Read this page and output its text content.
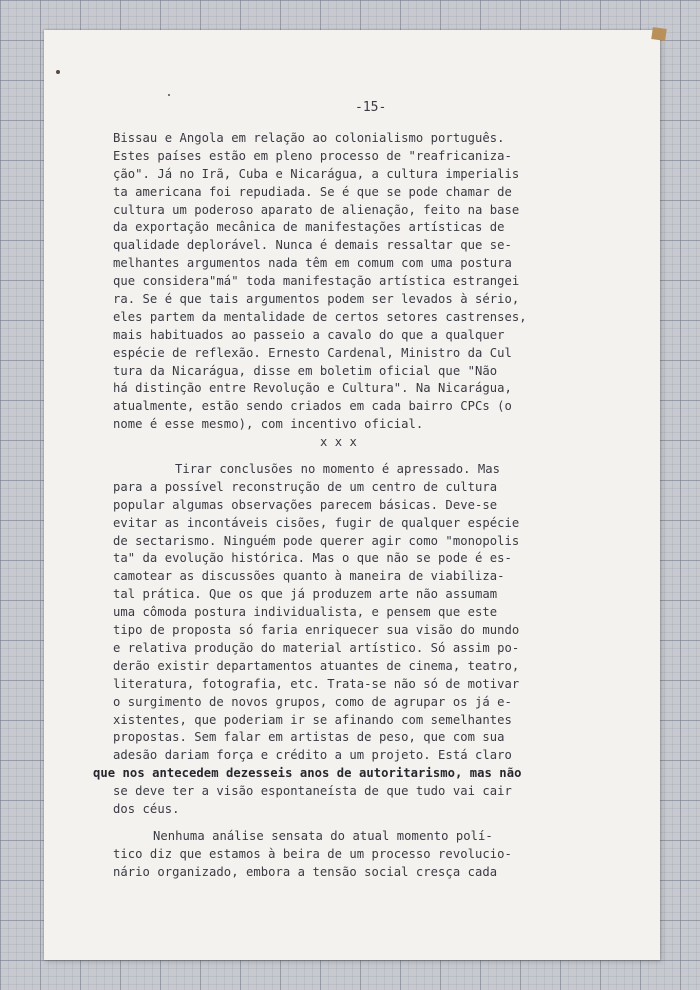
-15-
Bissau e Angola em relação ao colonialismo português.
Estes países estão em pleno processo de "reafricaniza-
ção". Já no Irã, Cuba e Nicarágua, a cultura imperialis
ta americana foi repudiada. Se é que se pode chamar de
cultura um poderoso aparato de alienação, feito na base
da exportação mecânica de manifestações artísticas de
qualidade deplorável. Nunca é demais ressaltar que se-
melhantes argumentos nada têm em comum com uma postura
que considera"má" toda manifestação artística estrangei
ra. Se é que tais argumentos podem ser levados à sério,
eles partem da mentalidade de certos setores castrenses,
mais habituados ao passeio a cavalo do que a qualquer
espécie de reflexão. Ernesto Cardenal, Ministro da Cul
tura da Nicarágua, disse em boletim oficial que "Não
há distinção entre Revolução e Cultura". Na Nicarágua,
atualmente, estão sendo criados em cada bairro CPCs (o
nome é esse mesmo), com incentivo oficial.
x x x
Tirar conclusões no momento é apressado. Mas
para a possível reconstrução de um centro de cultura
popular algumas observações parecem básicas. Deve-se
evitar as incontáveis cisões, fugir de qualquer espécie
de sectarismo. Ninguém pode querer agir como "monopolis
ta" da evolução histórica. Mas o que não se pode é es-
camotear as discussões quanto à maneira de viabiliza-
tal prática. Que os que já produzem arte não assumam
uma cômoda postura individualista, e pensem que este
tipo de proposta só faria enriquecer sua visão do mundo
e relativa produção do material artístico. Só assim po-
derão existir departamentos atuantes de cinema, teatro,
literatura, fotografia, etc. Trata-se não só de motivar
o surgimento de novos grupos, como de agrupar os já e-
xistentes, que poderiam ir se afinando com semelhantes
propostas. Sem falar em artistas de peso, que com sua
adesão dariam força e crédito a um projeto. Está claro
que nos antecedem dezesseis anos de autoritarismo, mas não
se deve ter a visão espontaneísta de que tudo vai cair
dos céus.
Nenhuma análise sensata do atual momento polí-
tico diz que estamos à beira de um processo revolucio-
nário organizado, embora a tensão social cresça cada
